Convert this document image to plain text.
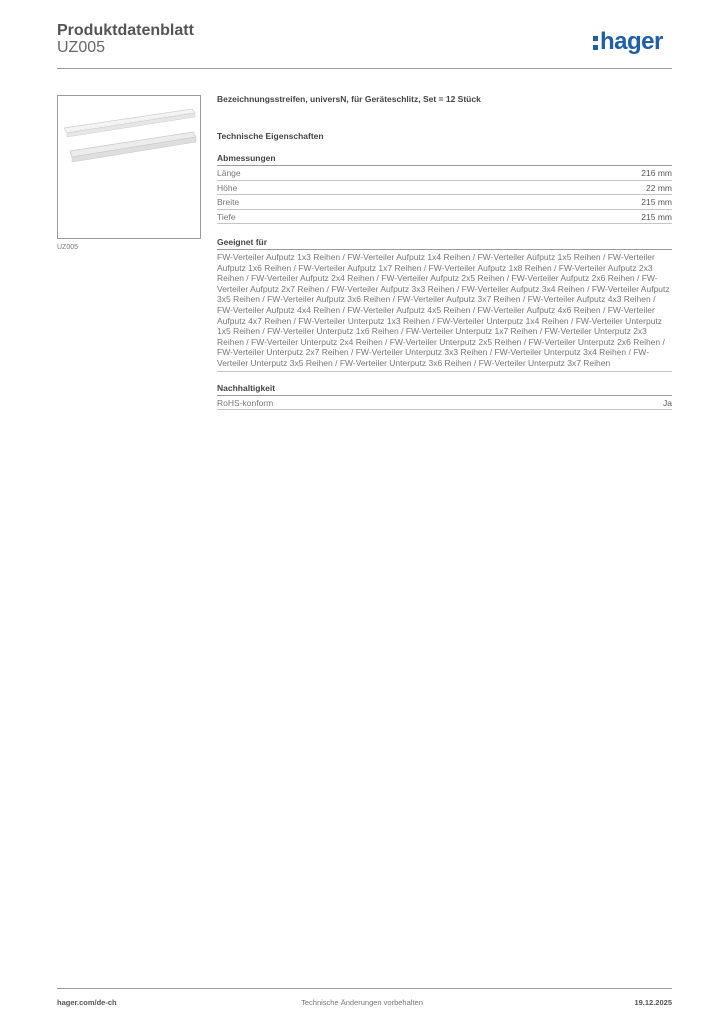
Produktdatenblatt
UZ005	hager
UZ005
Bezeichnungsstreifen, universN, für Geräteschlitz, Set = 12 Stück
Technische Eigenschaften
Abmessungen
Länge	216 mm
Höhe	22 mm
Breite	215 mm
Tiefe	215 mm
Geeignet für
FW-Verteiler Aufputz 1x3 Reihen / FW-Verteiler Aufputz 1x4 Reihen / FW-Verteiler Aufputz 1x5 Reihen / FW-Verteiler Aufputz 1x6 Reihen / FW-Verteiler Aufputz 1x7 Reihen / FW-Verteiler Aufputz 1x8 Reihen / FW-Verteiler Aufputz 2x3 Reihen / FW-Verteiler Aufputz 2x4 Reihen / FW-Verteiler Aufputz 2x5 Reihen / FW-Verteiler Aufputz 2x6 Reihen / FW-Verteiler Aufputz 2x7 Reihen / FW-Verteiler Aufputz 3x3 Reihen / FW-Verteiler Aufputz 3x4 Reihen / FW-Verteiler Aufputz 3x5 Reihen / FW-Verteiler Aufputz 3x6 Reihen / FW-Verteiler Aufputz 3x7 Reihen / FW-Verteiler Aufputz 4x3 Reihen / FW-Verteiler Aufputz 4x4 Reihen / FW-Verteiler Aufputz 4x5 Reihen / FW-Verteiler Aufputz 4x6 Reihen / FW-Verteiler Aufputz 4x7 Reihen / FW-Verteiler Unterputz 1x3 Reihen / FW-Verteiler Unterputz 1x4 Reihen / FW-Verteiler Unterputz 1x5 Reihen / FW-Verteiler Unterputz 1x6 Reihen / FW-Verteiler Unterputz 1x7 Reihen / FW-Verteiler Unterputz 2x3 Reihen / FW-Verteiler Unterputz 2x4 Reihen / FW-Verteiler Unterputz 2x5 Reihen / FW-Verteiler Unterputz 2x6 Reihen / FW-Verteiler Unterputz 2x7 Reihen / FW-Verteiler Unterputz 3x3 Reihen / FW-Verteiler Unterputz 3x4 Reihen / FW-Verteiler Unterputz 3x5 Reihen / FW-Verteiler Unterputz 3x6 Reihen / FW-Verteiler Unterputz 3x7 Reihen
Nachhaltigkeit
RoHS-konform	Ja
hager.com/de-ch	Technische Änderungen vorbehalten	19.12.2025
